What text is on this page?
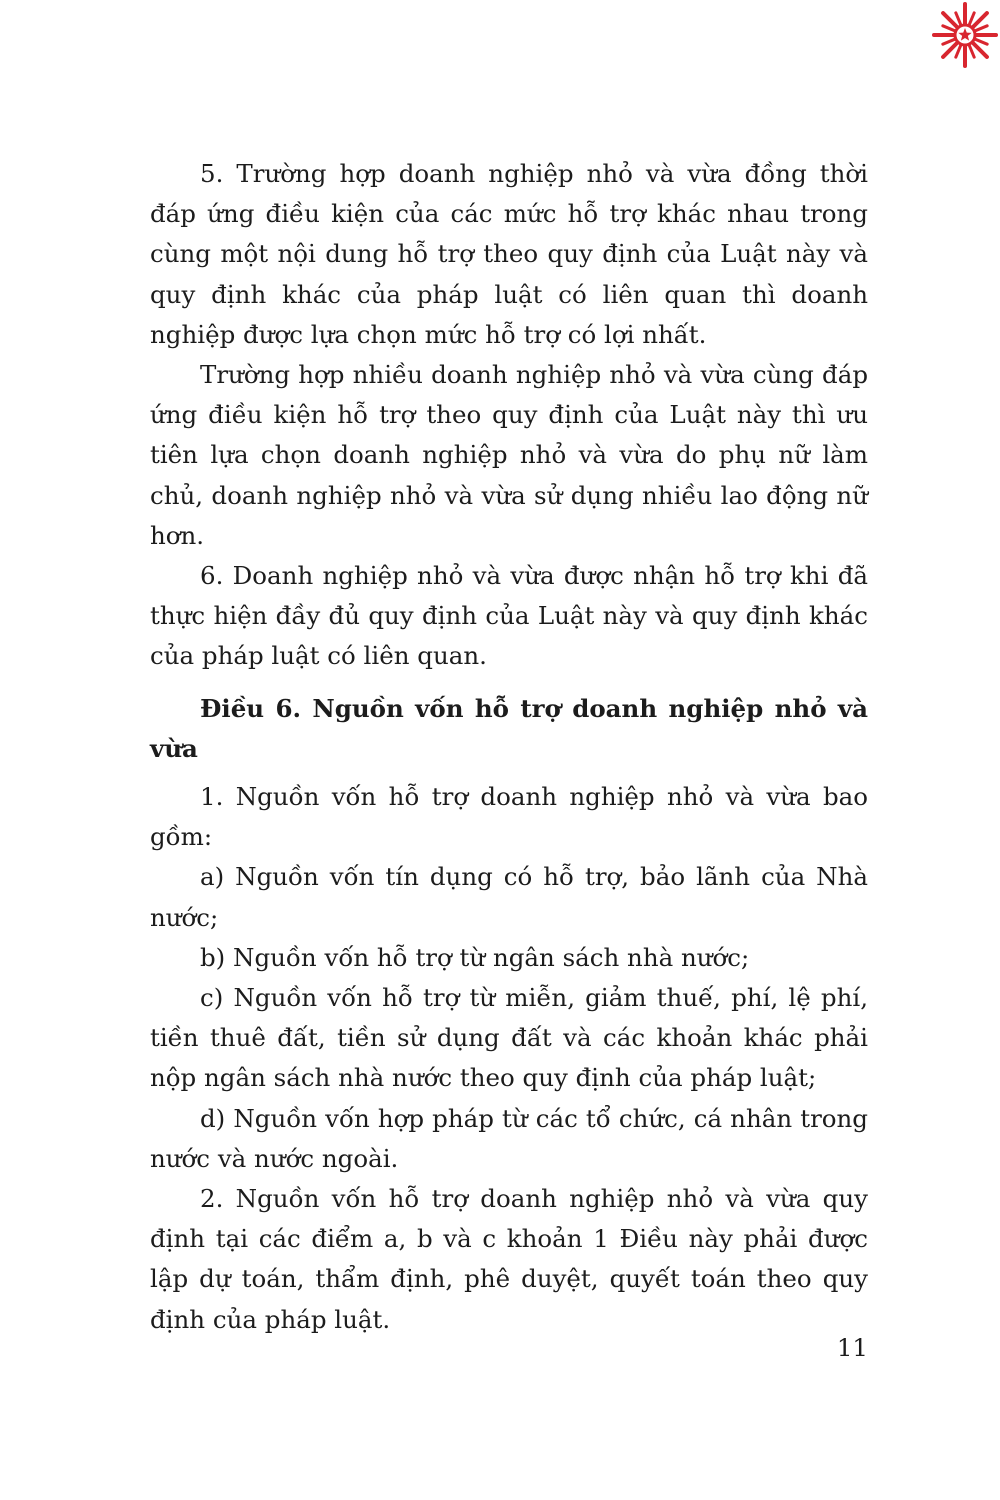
5. Trường hợp doanh nghiệp nhỏ và vừa đồng thời đáp ứng điều kiện của các mức hỗ trợ khác nhau trong cùng một nội dung hỗ trợ theo quy định của Luật này và quy định khác của pháp luật có liên quan thì doanh nghiệp được lựa chọn mức hỗ trợ có lợi nhất.

Trường hợp nhiều doanh nghiệp nhỏ và vừa cùng đáp ứng điều kiện hỗ trợ theo quy định của Luật này thì ưu tiên lựa chọn doanh nghiệp nhỏ và vừa do phụ nữ làm chủ, doanh nghiệp nhỏ và vừa sử dụng nhiều lao động nữ hơn.

6. Doanh nghiệp nhỏ và vừa được nhận hỗ trợ khi đã thực hiện đầy đủ quy định của Luật này và quy định khác của pháp luật có liên quan.

Điều 6. Nguồn vốn hỗ trợ doanh nghiệp nhỏ và vừa

1. Nguồn vốn hỗ trợ doanh nghiệp nhỏ và vừa bao gồm:

a) Nguồn vốn tín dụng có hỗ trợ, bảo lãnh của Nhà nước;

b) Nguồn vốn hỗ trợ từ ngân sách nhà nước;

c) Nguồn vốn hỗ trợ từ miễn, giảm thuế, phí, lệ phí, tiền thuê đất, tiền sử dụng đất và các khoản khác phải nộp ngân sách nhà nước theo quy định của pháp luật;

d) Nguồn vốn hợp pháp từ các tổ chức, cá nhân trong nước và nước ngoài.

2. Nguồn vốn hỗ trợ doanh nghiệp nhỏ và vừa quy định tại các điểm a, b và c khoản 1 Điều này phải được lập dự toán, thẩm định, phê duyệt, quyết toán theo quy định của pháp luật.

11
